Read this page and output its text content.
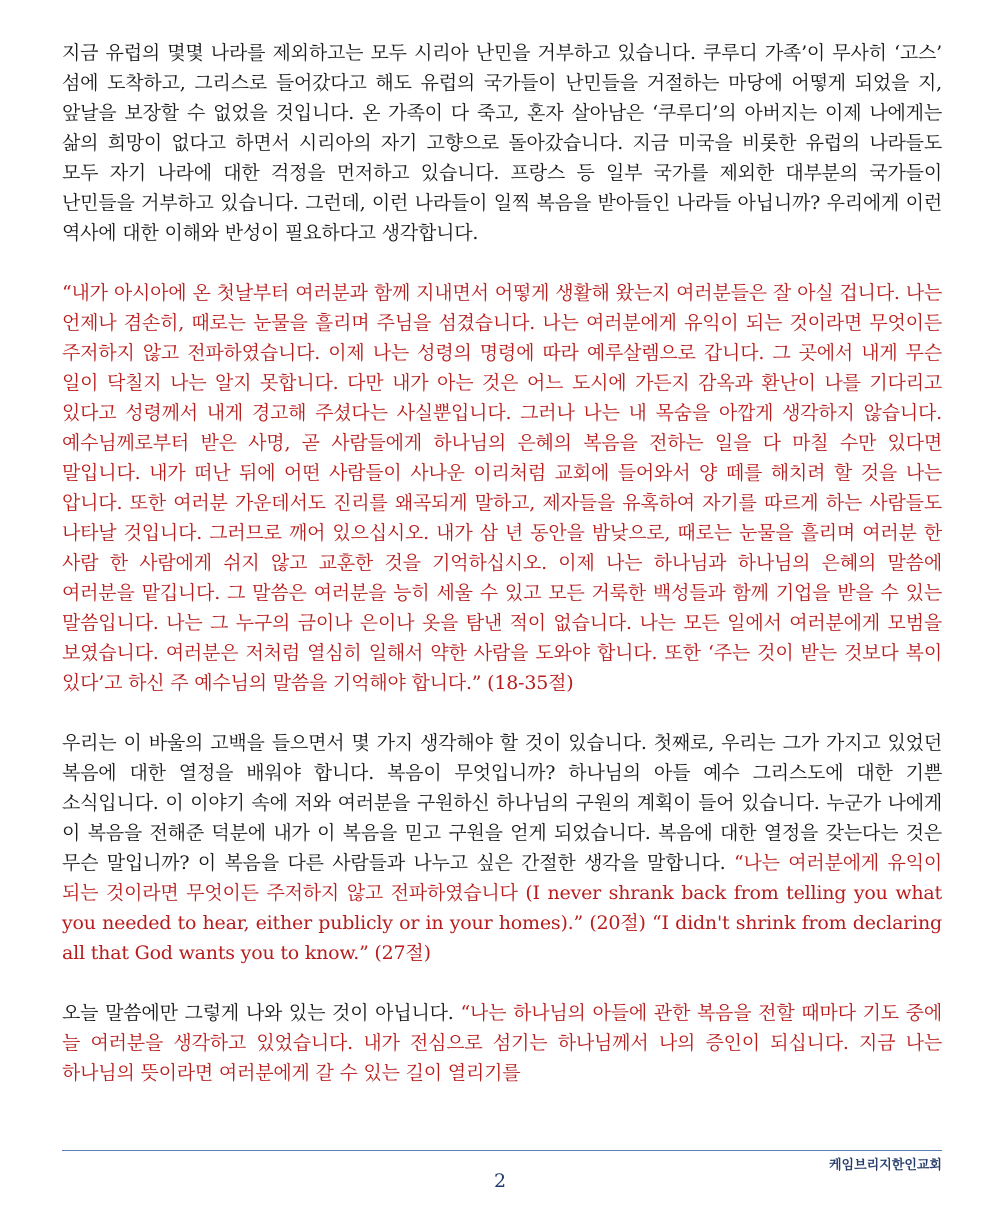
지금 유럽의 몇몇 나라를 제외하고는 모두 시리아 난민을 거부하고 있습니다. 쿠루디 가족’이 무사히 ‘고스’ 섬에 도착하고, 그리스로 들어갔다고 해도 유럽의 국가들이 난민들을 거절하는 마당에 어떻게 되었을 지, 앞날을 보장할 수 없었을 것입니다. 온 가족이 다 죽고, 혼자 살아남은 ‘쿠루디’의 아버지는 이제 나에게는 삶의 희망이 없다고 하면서 시리아의 자기 고향으로 돌아갔습니다. 지금 미국을 비롯한 유럽의 나라들도 모두 자기 나라에 대한 걱정을 먼저하고 있습니다. 프랑스 등 일부 국가를 제외한 대부분의 국가들이 난민들을 거부하고 있습니다. 그런데, 이런 나라들이 일찍 복음을 받아들인 나라들 아닙니까? 우리에게 이런 역사에 대한 이해와 반성이 필요하다고 생각합니다.

“내가 아시아에 온 첫날부터 여러분과 함께 지내면서 어떻게 생활해 왔는지 여러분들은 잘 아실 겁니다. 나는 언제나 겸손히, 때로는 눈물을 흘리며 주님을 섬겼습니다. 나는 여러분에게 유익이 되는 것이라면 무엇이든 주저하지 않고 전파하였습니다. 이제 나는 성령의 명령에 따라 예루살렘으로 갑니다. 그 곳에서 내게 무슨 일이 닥칠지 나는 알지 못합니다. 다만 내가 아는 것은 어느 도시에 가든지 감옥과 환난이 나를 기다리고 있다고 성령께서 내게 경고해 주셨다는 사실뿐입니다. 그러나 나는 내 목숨을 아깝게 생각하지 않습니다. 예수님께로부터 받은 사명, 곧 사람들에게 하나님의 은혜의 복음을 전하는 일을 다 마칠 수만 있다면 말입니다. 내가 떠난 뒤에 어떤 사람들이 사나운 이리처럼 교회에 들어와서 양 떼를 해치려 할 것을 나는 압니다. 또한 여러분 가운데서도 진리를 왜곡되게 말하고, 제자들을 유혹하여 자기를 따르게 하는 사람들도 나타날 것입니다. 그러므로 깨어 있으십시오. 내가 삼 년 동안을 밤낮으로, 때로는 눈물을 흘리며 여러분 한 사람 한 사람에게 쉬지 않고 교훈한 것을 기억하십시오. 이제 나는 하나님과 하나님의 은혜의 말씀에 여러분을 맡깁니다. 그 말씀은 여러분을 능히 세울 수 있고 모든 거룩한 백성들과 함께 기업을 받을 수 있는 말씀입니다. 나는 그 누구의 금이나 은이나 옷을 탐낸 적이 없습니다. 나는 모든 일에서 여러분에게 모범을 보였습니다. 여러분은 저처럼 열심히 일해서 약한 사람을 도와야 합니다. 또한 ‘주는 것이 받는 것보다 복이 있다’고 하신 주 예수님의 말씀을 기억해야 합니다.” (18-35절)

우리는 이 바울의 고백을 들으면서 몇 가지 생각해야 할 것이 있습니다. 첫째로, 우리는 그가 가지고 있었던 복음에 대한 열정을 배워야 합니다. 복음이 무엇입니까? 하나님의 아들 예수 그리스도에 대한 기쁜 소식입니다. 이 이야기 속에 저와 여러분을 구원하신 하나님의 구원의 계획이 들어 있습니다. 누군가 나에게 이 복음을 전해준 덕분에 내가 이 복음을 믿고 구원을 얻게 되었습니다. 복음에 대한 열정을 갖는다는 것은 무슨 말입니까? 이 복음을 다른 사람들과 나누고 싶은 간절한 생각을 말합니다. “나는 여러분에게 유익이 되는 것이라면 무엇이든 주저하지 않고 전파하였습니다 (I never shrank back from telling you what you needed to hear, either publicly or in your homes).” (20절) “I didn't shrink from declaring all that God wants you to know.” (27절)

오늘 말씀에만 그렇게 나와 있는 것이 아닙니다. “나는 하나님의 아들에 관한 복음을 전할 때마다 기도 중에 늘 여러분을 생각하고 있었습니다. 내가 전심으로 섬기는 하나님께서 나의 증인이 되십니다. 지금 나는 하나님의 뜻이라면 여러분에게 갈 수 있는 길이 열리기를

케임브리지한인교회
2
